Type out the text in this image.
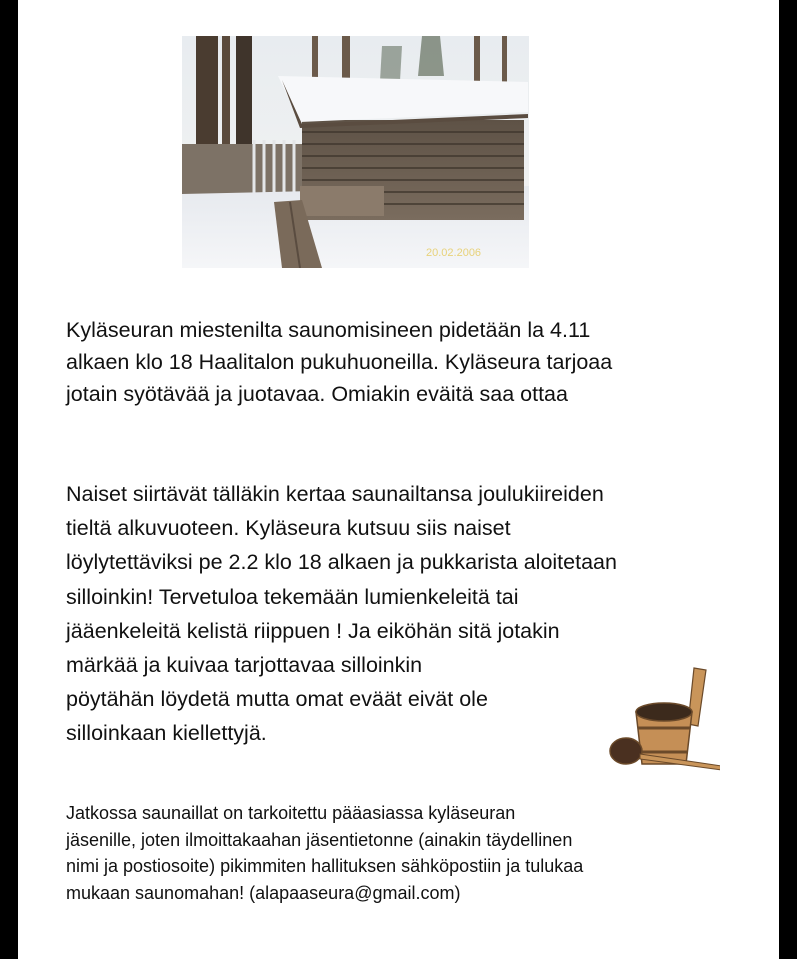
20.02.2006

Kyläseuran miestenilta saunomisineen pidetään la 4.11
alkaen klo 18 Haalitalon pukuhuoneilla. Kyläseura tarjoaa
jotain syötävää ja juotavaa. Omiakin eväitä saa ottaa

Naiset siirtävät tälläkin kertaa saunailtansa joulukiireiden
tieltä alkuvuoteen. Kyläseura kutsuu siis naiset
löylytettäviksi pe 2.2 klo 18 alkaen ja pukkarista aloitetaan
silloinkin! Tervetuloa tekemään lumienkeleitä tai
jääenkeleitä kelistä riippuen ! Ja eiköhän sitä jotakin
märkää ja kuivaa tarjottavaa silloinkin
pöytähän löydetä mutta omat eväät eivät ole
silloinkaan kiellettyjä.

Jatkossa saunaillat on tarkoitettu pääasiassa kyläseuran
jäsenille, joten ilmoittakaahan jäsentietonne (ainakin täydellinen
nimi ja postiosoite) pikimmiten hallituksen sähköpostiin ja tulukaa
mukaan saunomahan! (alapaaseura@gmail.com)
